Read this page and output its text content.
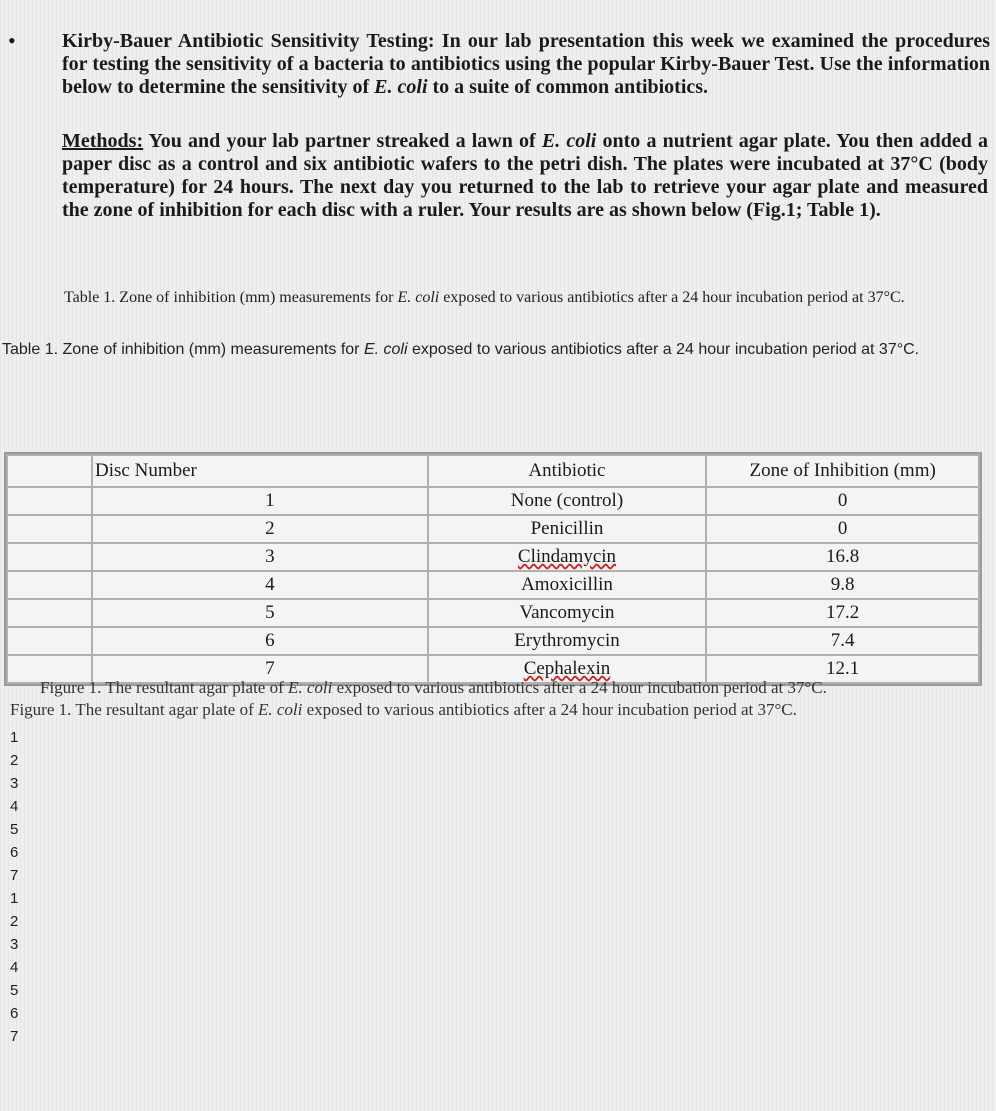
• Kirby-Bauer Antibiotic Sensitivity Testing: In our lab presentation this week we examined the procedures for testing the sensitivity of a bacteria to antibiotics using the popular Kirby-Bauer Test. Use the information below to determine the sensitivity of E. coli to a suite of common antibiotics.
Methods: You and your lab partner streaked a lawn of E. coli onto a nutrient agar plate. You then added a paper disc as a control and six antibiotic wafers to the petri dish. The plates were incubated at 37°C (body temperature) for 24 hours. The next day you returned to the lab to retrieve your agar plate and measured the zone of inhibition for each disc with a ruler. Your results are as shown below (Fig.1; Table 1).
Table 1. Zone of inhibition (mm) measurements for E. coli exposed to various antibiotics after a 24 hour incubation period at 37°C.
Table 1. Zone of inhibition (mm) measurements for E. coli exposed to various antibiotics after a 24 hour incubation period at 37°C.
	Disc Number	Antibiotic	Zone of Inhibition (mm)
	1	None (control)	0
	2	Penicillin	0
	3	Clindamycin	16.8
	4	Amoxicillin	9.8
	5	Vancomycin	17.2
	6	Erythromycin	7.4
	7	Cephalexin	12.1
Figure 1. The resultant agar plate of E. coli exposed to various antibiotics after a 24 hour incubation period at 37°C.
Figure 1. The resultant agar plate of E. coli exposed to various antibiotics after a 24 hour incubation period at 37°C.
1
2
3
4
5
6
7
1
2
3
4
5
6
7
